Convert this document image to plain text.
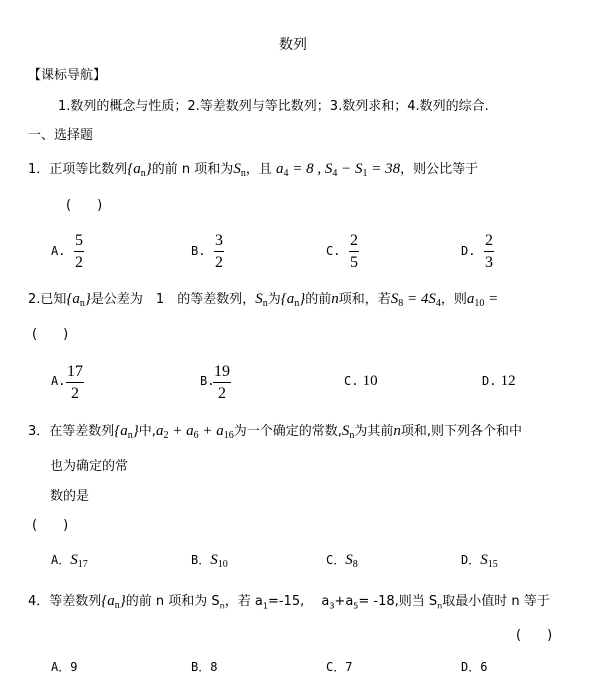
数列
【课标导航】
1.数列的概念与性质；2.等差数列与等比数列；3.数列求和；4.数列的综合.
一、选择题
1．正项等比数列$\{a_n\}$的前 n 项和为$S_n$，且 $a_4 = 8$ , $S_4 - S_1 = 38$，则公比等于
(　　)
A.
5
2
B.
3
2
C.
2
5
D.
2
3
2.已知$\{a_n\}$是公差为　1　的等差数列，$S_n$为$\{a_n\}$的前n项和，若$S_8 = 4S_4$，则$a_{10}$ =
(　　)
A.
17
2
B.
19
2
C. 10	D. 12
3．在等差数列$\{a_n\}$中$,a_2 + a_6 + a_{16}$为一个确定的常数$,S_n$为其前n项和,则下列各个和中
也为确定的常
数的是
(　　)
A．$S_{17}$	B．$S_{10}$	C．$S_8$	D．$S_{15}$
4．等差数列$\{a_n\}$的前 n 项和为 $S_n$，若 $a_1=-15$,　 $a_3+a_5= -18$,则当 $S_n$取最小值时 n 等于
(　　)
A．9	B．8	C．7	D．6
